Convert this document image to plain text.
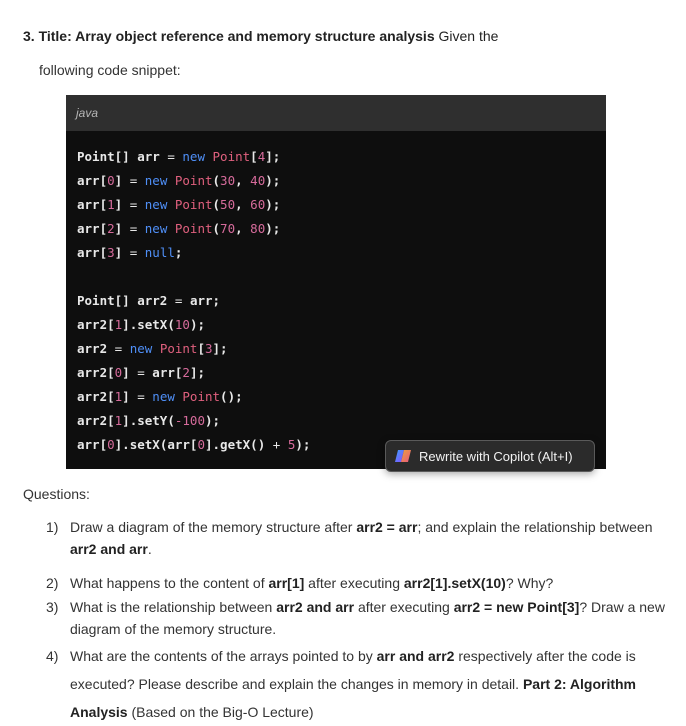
3. Title: Array object reference and memory structure analysis Given the
following code snippet:
java
Point[] arr = new Point[4];
arr[0] = new Point(30, 40);
arr[1] = new Point(50, 60);
arr[2] = new Point(70, 80);
arr[3] = null;
Point[] arr2 = arr;
arr2[1].setX(10);
arr2 = new Point[3];
arr2[0] = arr[2];
arr2[1] = new Point();
arr2[1].setY(-100);
arr[0].setX(arr[0].getX() + 5);
Rewrite with Copilot (Alt+I)
Questions:
1) Draw a diagram of the memory structure after arr2 = arr; and explain the relationship between arr2 and arr.
2) What happens to the content of arr[1] after executing arr2[1].setX(10)? Why?
3) What is the relationship between arr2 and arr after executing arr2 = new Point[3]? Draw a new diagram of the memory structure.
4) What are the contents of the arrays pointed to by arr and arr2 respectively after the code is executed? Please describe and explain the changes in memory in detail. Part 2: Algorithm Analysis (Based on the Big-O Lecture)
